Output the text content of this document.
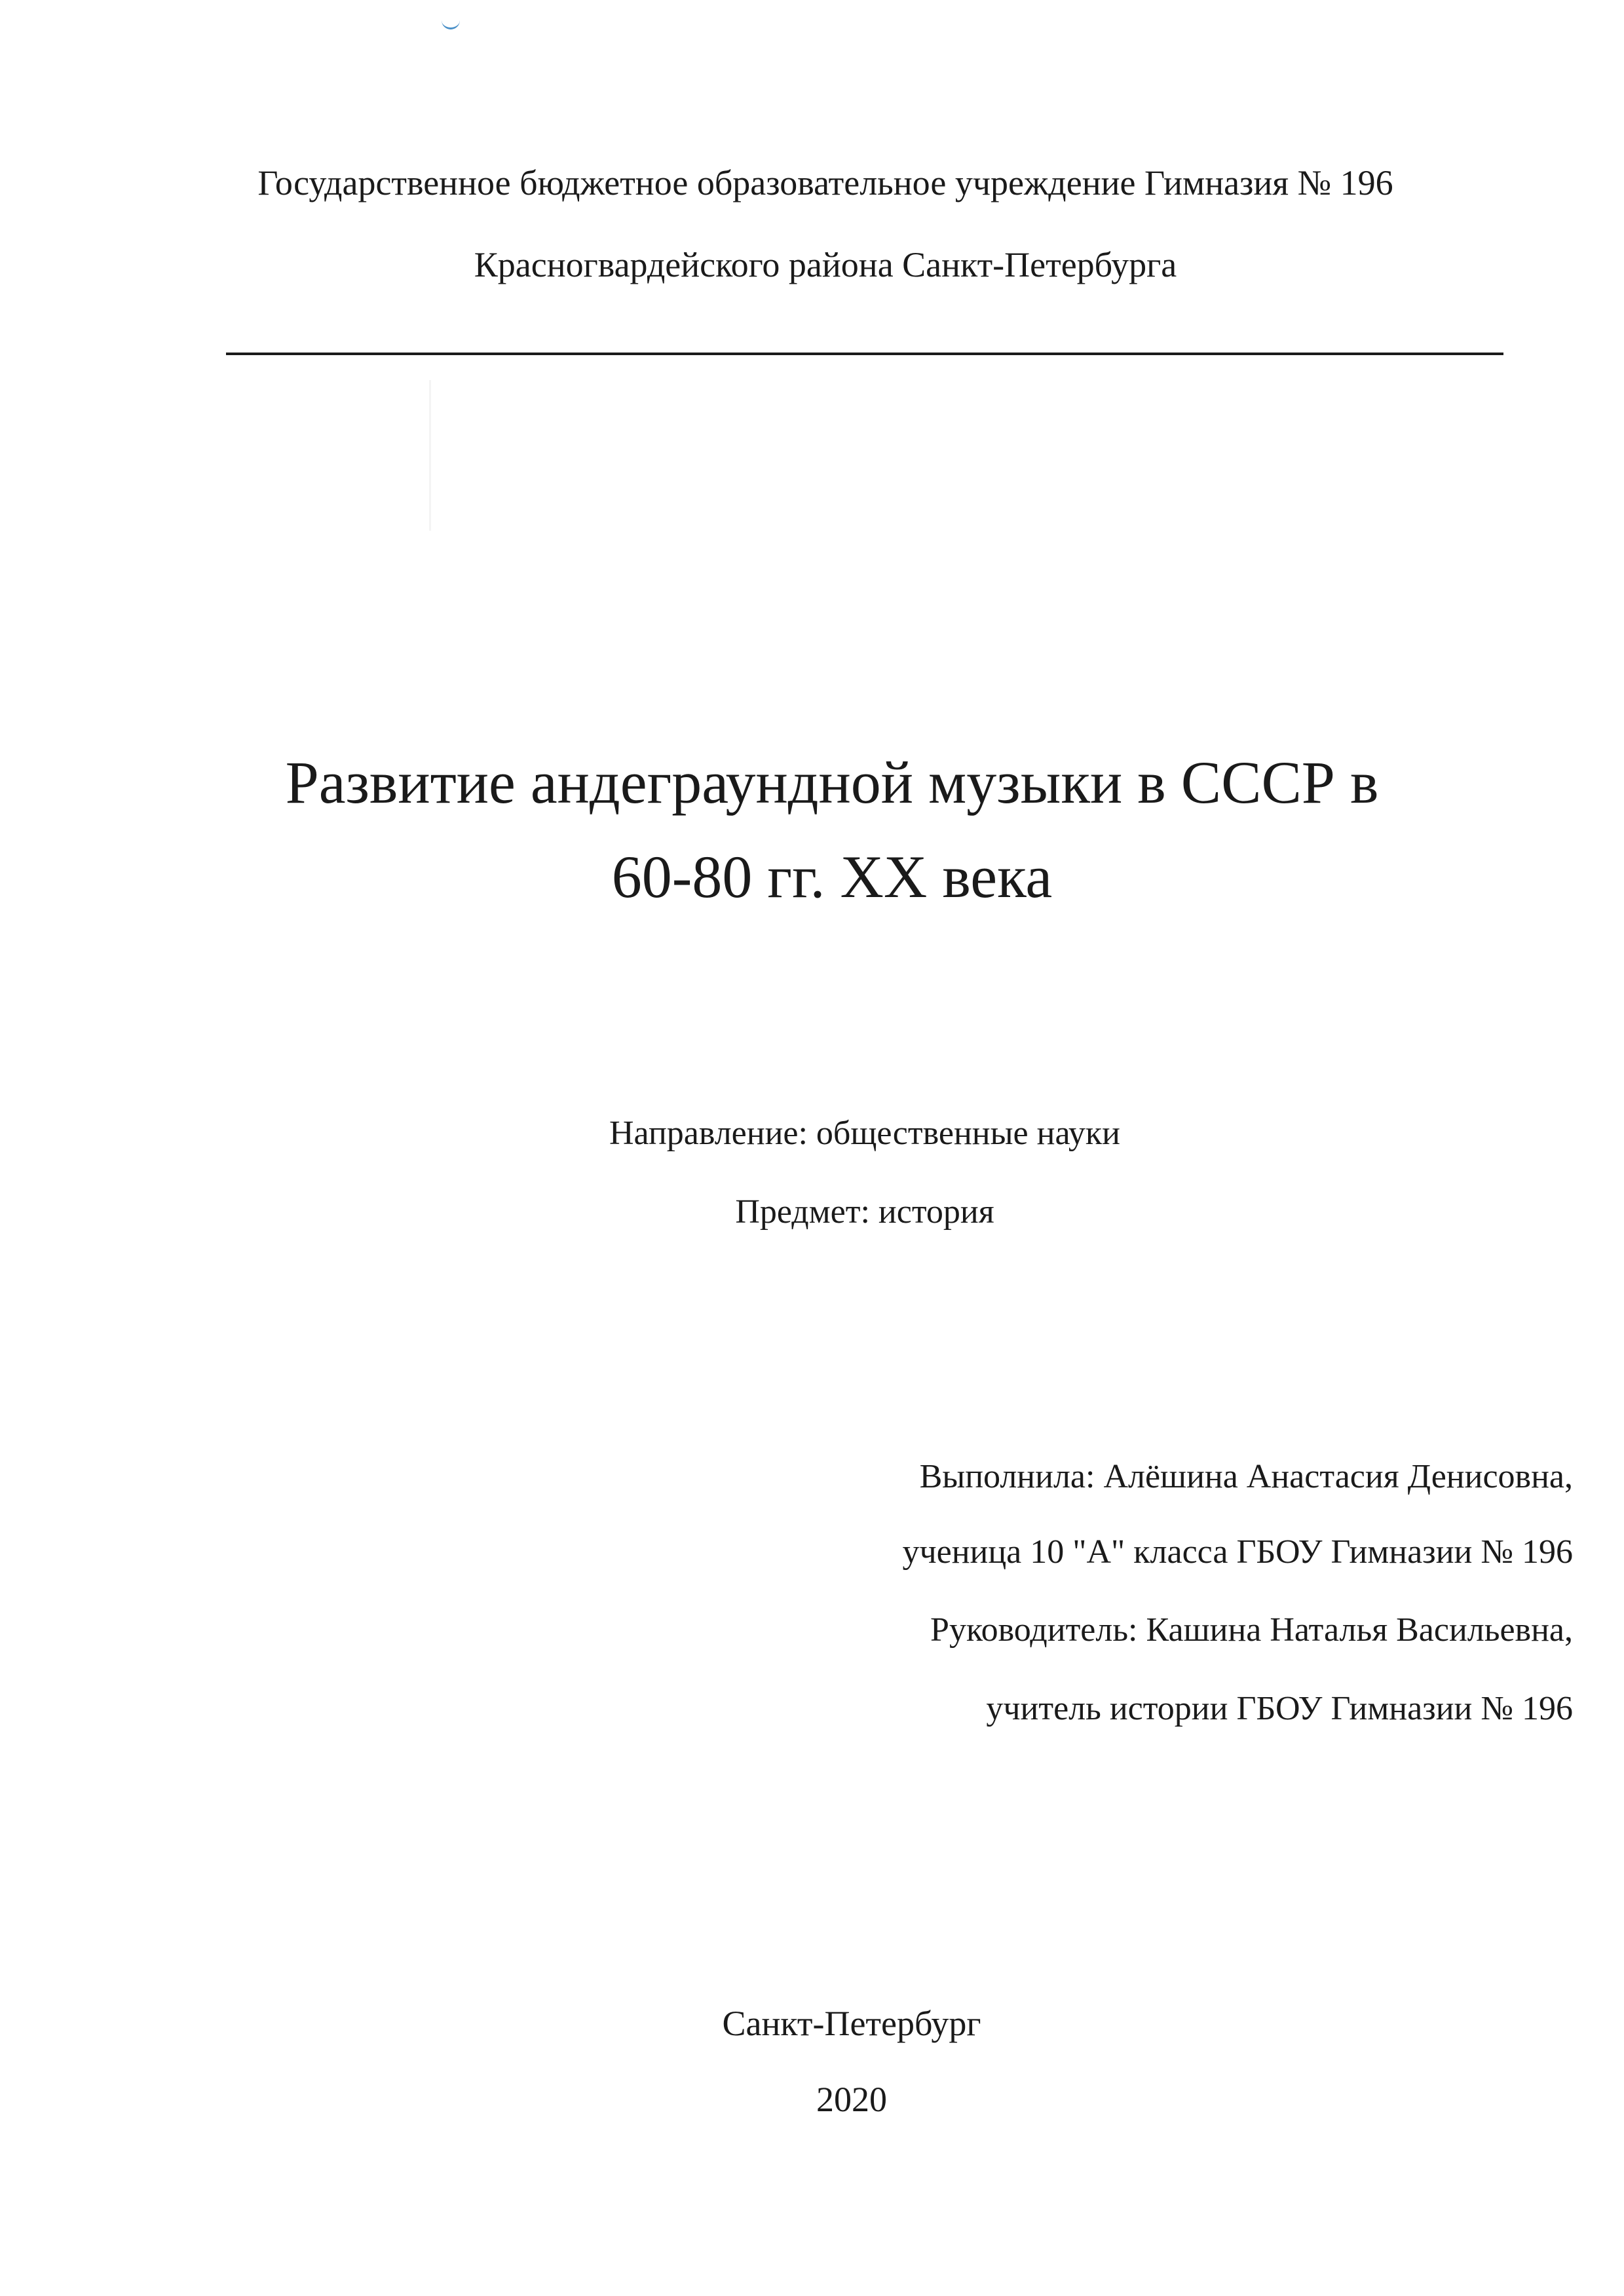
Государственное бюджетное образовательное учреждение Гимназия № 196
Красногвардейского района Санкт-Петербурга
Развитие андеграундной музыки в СССР в
60-80 гг. XX века
Направление: общественные науки
Предмет: история
Выполнила: Алёшина Анастасия Денисовна,
ученица 10 "А" класса ГБОУ Гимназии № 196
Руководитель: Кашина Наталья Васильевна,
учитель истории ГБОУ Гимназии № 196
Санкт-Петербург
2020
